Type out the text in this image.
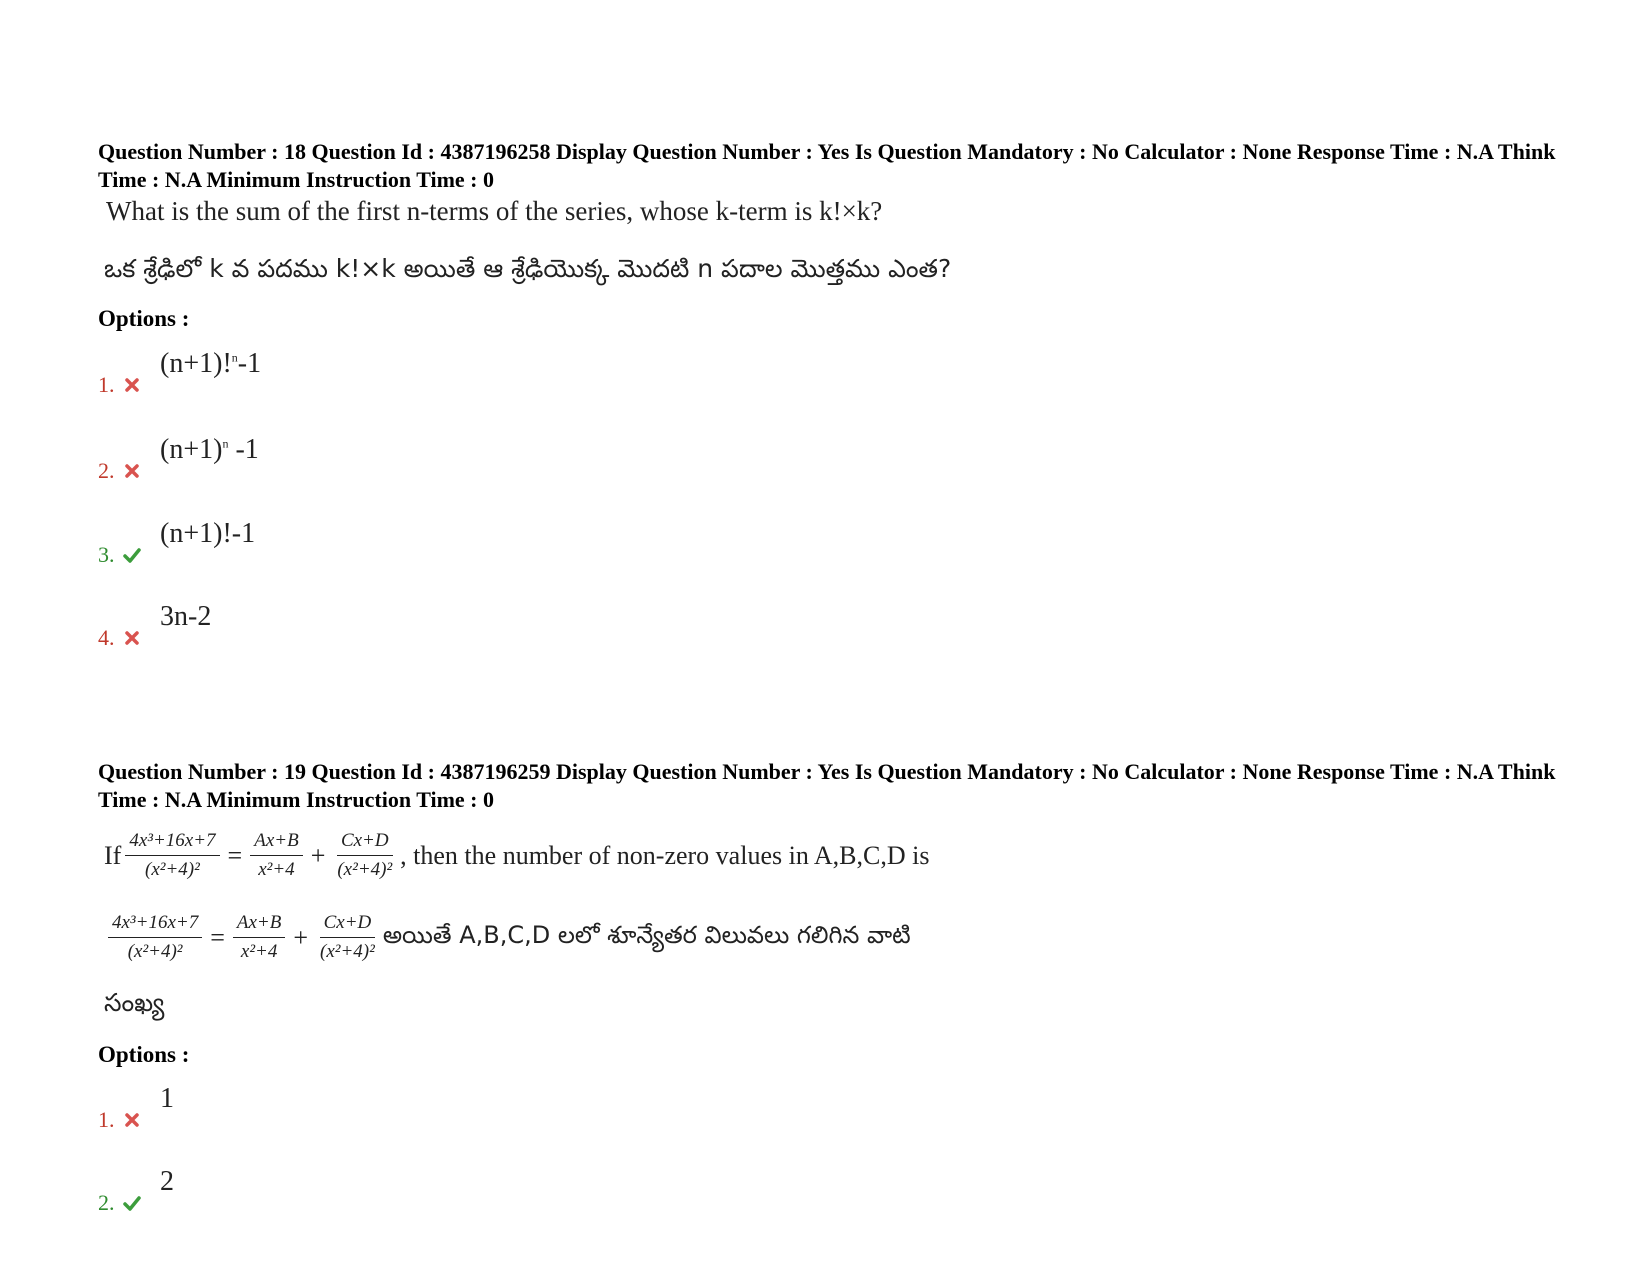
Question Number : 18 Question Id : 4387196258 Display Question Number : Yes Is Question Mandatory : No Calculator : None Response Time : N.A Think Time : N.A Minimum Instruction Time : 0

What is the sum of the first n-terms of the series, whose k-term is k!×k?
ఒక శ్రేఢిలో k వ పదము k!×k అయితే ఆ శ్రేఢియొక్క మొదటి n పదాల మొత్తము ఎంత?
Options :
1.
(n+1)!$^n$-1
2.
$(n+1)^n$ -1
3.
(n+1)!-1
4.
3n-2

Question Number : 19 Question Id : 4387196259 Display Question Number : Yes Is Question Mandatory : No Calculator : None Response Time : N.A Think Time : N.A Minimum Instruction Time : 0

If $\frac{\text{4x³+16x+7}}{\text{(x²+4)²}} = \frac{Ax+B}{\text{x²+4}} + \frac{Cx+D}{\text{(x²+4)²}}$ , then the number of non-zero values in A,B,C,D is
$\frac{\text{4x³+16x+7}}{\text{(x²+4)²}} = \frac{Ax+B}{\text{x²+4}} + \frac{Cx+D}{\text{(x²+4)²}}$ అయితే A,B,C,D లలో శూన్యేతర విలువలు గలిగిన వాటి
సంఖ్య
Options :
1.
1
2.
2
